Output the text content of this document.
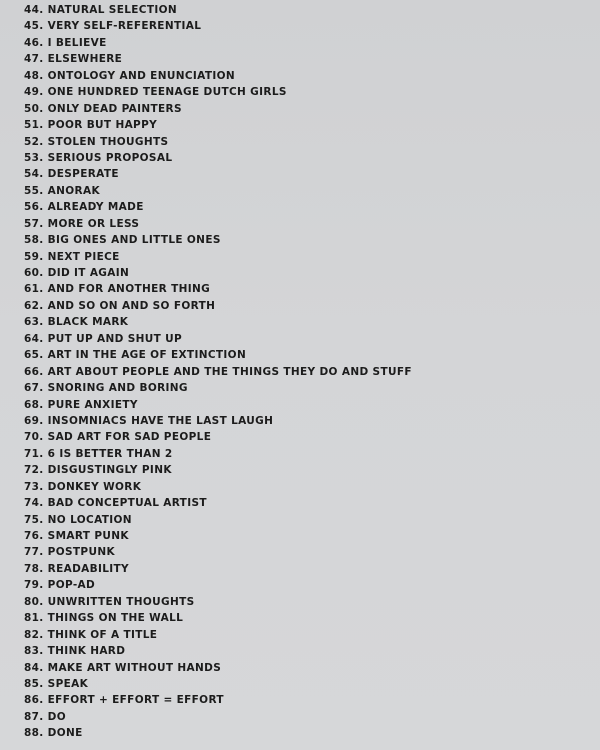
44. NATURAL SELECTION
45. VERY SELF-REFERENTIAL
46. I BELIEVE
47. ELSEWHERE
48. ONTOLOGY AND ENUNCIATION
49. ONE HUNDRED TEENAGE DUTCH GIRLS
50. ONLY DEAD PAINTERS
51. POOR BUT HAPPY
52. STOLEN THOUGHTS
53. SERIOUS PROPOSAL
54. DESPERATE
55. ANORAK
56. ALREADY MADE
57. MORE OR LESS
58. BIG ONES AND LITTLE ONES
59. NEXT PIECE
60. DID IT AGAIN
61. AND FOR ANOTHER THING
62. AND SO ON AND SO FORTH
63. BLACK MARK
64. PUT UP AND SHUT UP
65. ART IN THE AGE OF EXTINCTION
66. ART ABOUT PEOPLE AND THE THINGS THEY DO AND STUFF
67. SNORING AND BORING
68. PURE ANXIETY
69. INSOMNIACS HAVE THE LAST LAUGH
70. SAD ART FOR SAD PEOPLE
71. 6 IS BETTER THAN 2
72. DISGUSTINGLY PINK
73. DONKEY WORK
74. BAD CONCEPTUAL ARTIST
75. NO LOCATION
76. SMART PUNK
77. POSTPUNK
78. READABILITY
79. POP-AD
80. UNWRITTEN THOUGHTS
81. THINGS ON THE WALL
82. THINK OF A TITLE
83. THINK HARD
84. MAKE ART WITHOUT HANDS
85. SPEAK
86. EFFORT + EFFORT = EFFORT
87. DO
88. DONE
